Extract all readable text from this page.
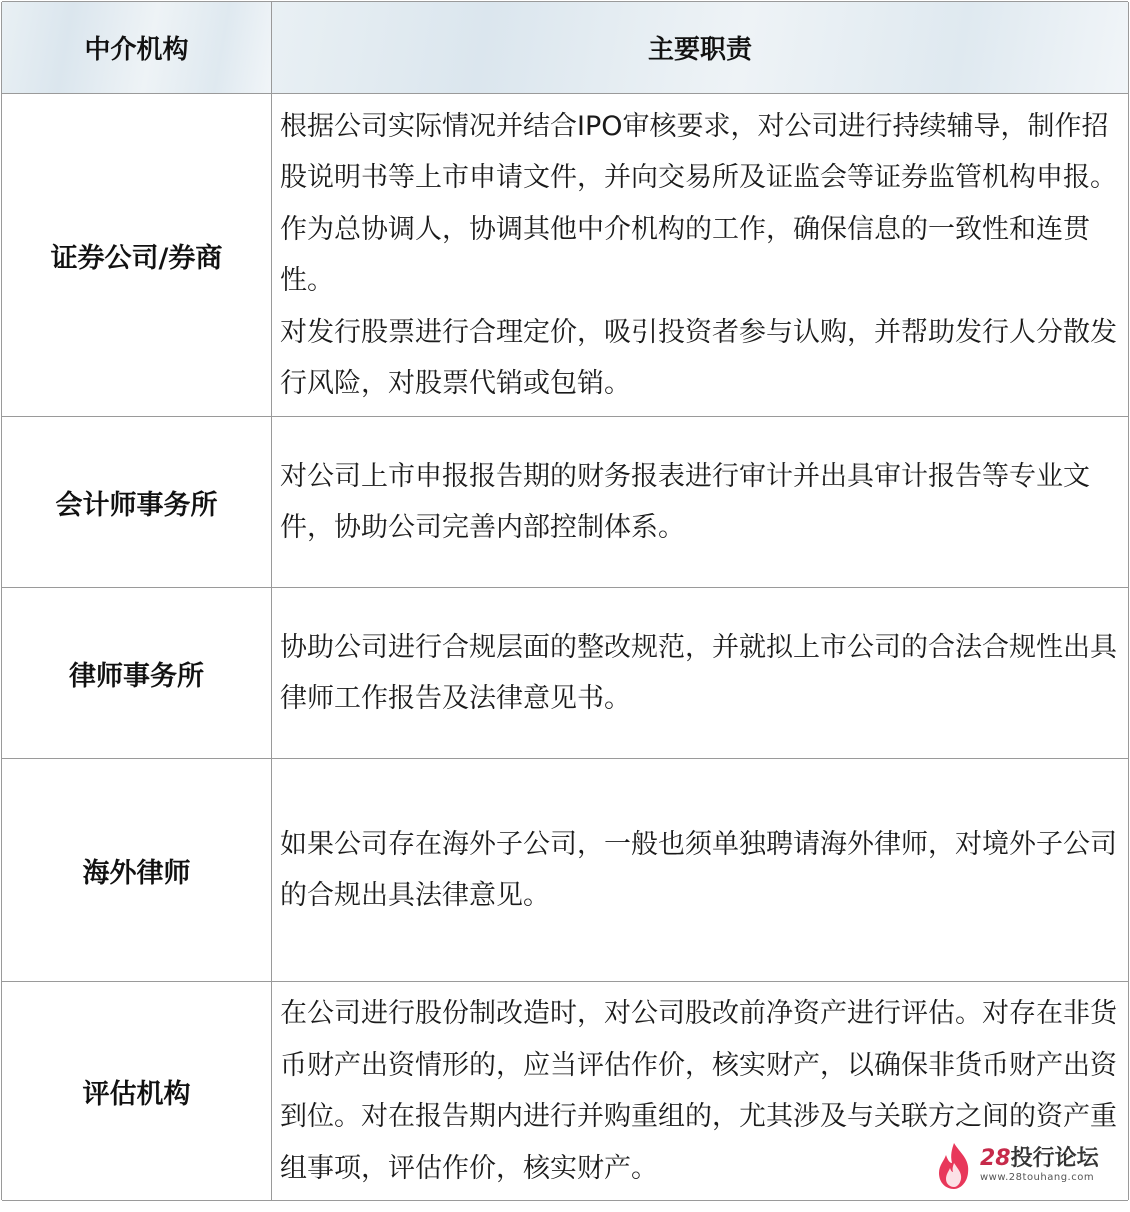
中介机构	主要职责
证券公司/券商

根据公司实际情况并结合IPO审核要求，对公司进行持续辅导，制作招股说明书等上市申请文件，并向交易所及证监会等证券监管机构申报。作为总协调人，协调其他中介机构的工作，确保信息的一致性和连贯性。

对发行股票进行合理定价，吸引投资者参与认购，并帮助发行人分散发行风险，对股票代销或包销。

会计师事务所

对公司上市申报报告期的财务报表进行审计并出具审计报告等专业文件，协助公司完善内部控制体系。

律师事务所

协助公司进行合规层面的整改规范，并就拟上市公司的合法合规性出具律师工作报告及法律意见书。

海外律师

如果公司存在海外子公司，一般也须单独聘请海外律师，对境外子公司的合规出具法律意见。

评估机构

在公司进行股份制改造时，对公司股改前净资产进行评估。对存在非货币财产出资情形的，应当评估作价，核实财产，以确保非货币财产出资到位。对在报告期内进行并购重组的，尤其涉及与关联方之间的资产重组事项，评估作价，核实财产。	28投行论坛
www.28touhang.com
